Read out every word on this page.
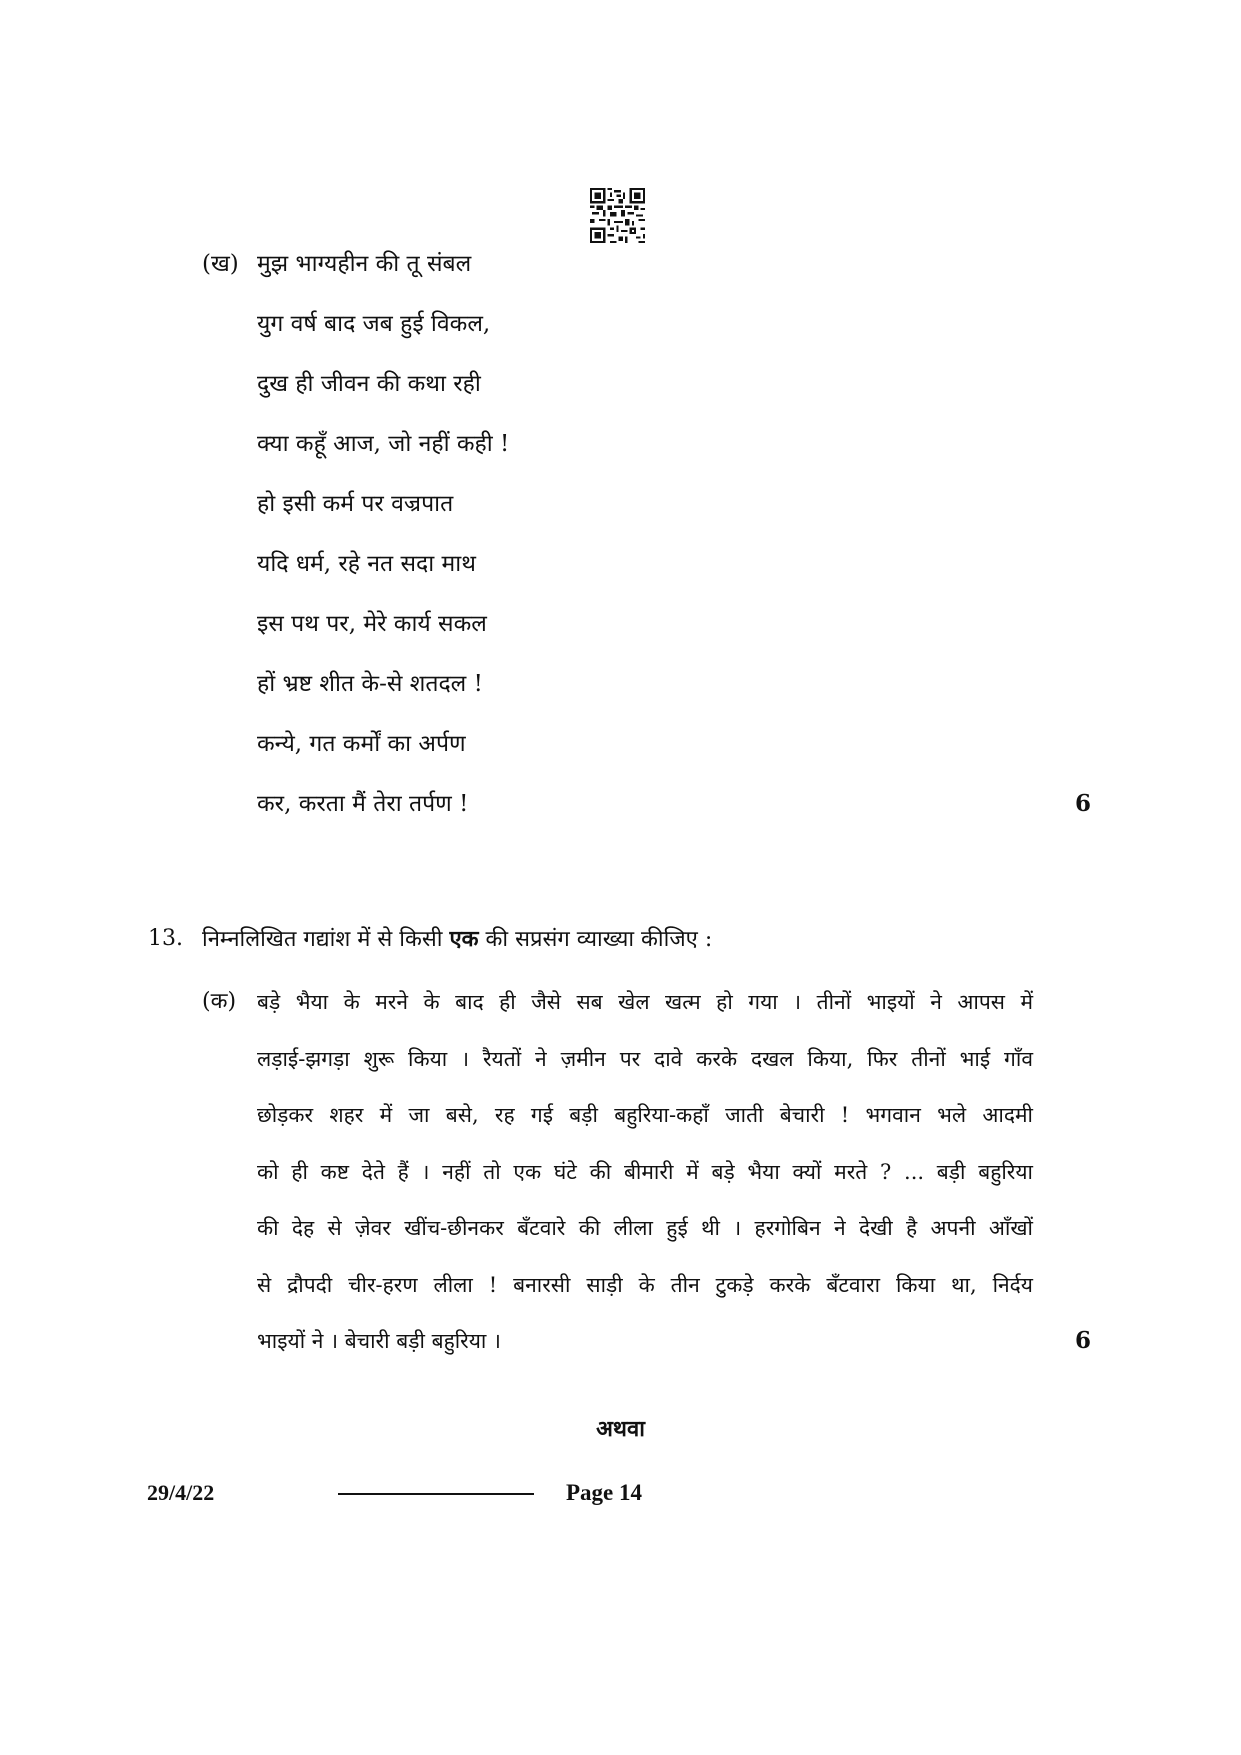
(ख) मुझ भाग्यहीन की तू संबल
युग वर्ष बाद जब हुई विकल,
दुख ही जीवन की कथा रही
क्या कहूँ आज, जो नहीं कही !
हो इसी कर्म पर वज्रपात
यदि धर्म, रहे नत सदा माथ
इस पथ पर, मेरे कार्य सकल
हों भ्रष्ट शीत के-से शतदल !
कन्ये, गत कर्मों का अर्पण
कर, करता मैं तेरा तर्पण !	6
13. निम्नलिखित गद्यांश में से किसी एक की सप्रसंग व्याख्या कीजिए :
(क) बड़े भैया के मरने के बाद ही जैसे सब खेल खत्म हो गया । तीनों भाइयों ने आपस में
लड़ाई-झगड़ा शुरू किया । रैयतों ने ज़मीन पर दावे करके दखल किया, फिर तीनों भाई गाँव
छोड़कर शहर में जा बसे, रह गई बड़ी बहुरिया-कहाँ जाती बेचारी ! भगवान भले आदमी
को ही कष्ट देते हैं । नहीं तो एक घंटे की बीमारी में बड़े भैया क्यों मरते ? ... बड़ी बहुरिया
की देह से ज़ेवर खींच-छीनकर बँटवारे की लीला हुई थी । हरगोबिन ने देखी है अपनी आँखों
से द्रौपदी चीर-हरण लीला ! बनारसी साड़ी के तीन टुकड़े करके बँटवारा किया था, निर्दय
भाइयों ने । बेचारी बड़ी बहुरिया ।	6
अथवा
29/4/22	Page 14
